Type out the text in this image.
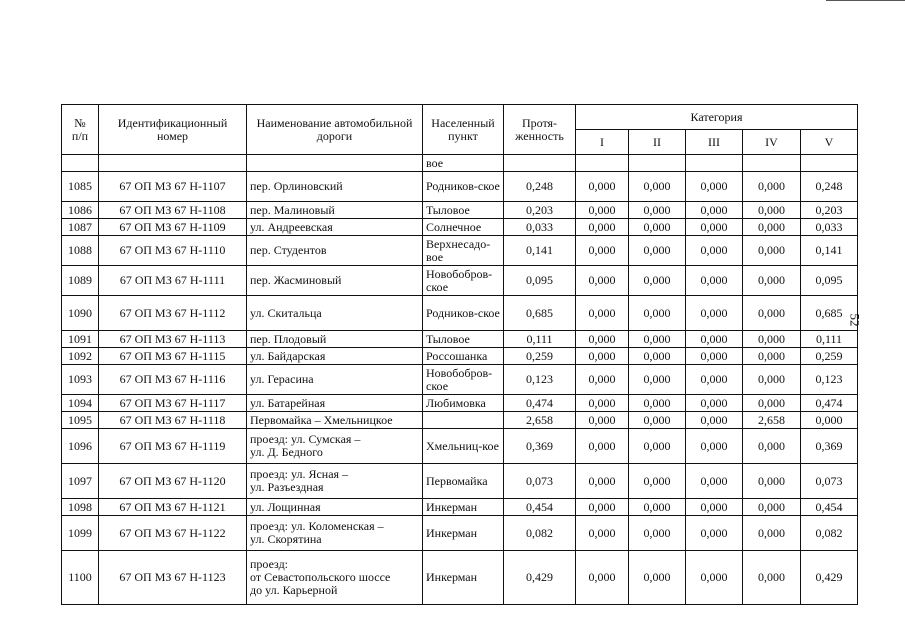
52
№
п/п	Идентификационный номер	Наименование автомобильной дороги	Населенный пункт	Протя-женность	Категория				
					I	II	III	IV	V
			вое						
1085	67 ОП МЗ 67 Н-1107	пер. Орлиновский	Родников-ское	0,248	0,000	0,000	0,000	0,000	0,248
1086	67 ОП МЗ 67 Н-1108	пер. Малиновый	Тыловое	0,203	0,000	0,000	0,000	0,000	0,203
1087	67 ОП МЗ 67 Н-1109	ул. Андреевская	Солнечное	0,033	0,000	0,000	0,000	0,000	0,033
1088	67 ОП МЗ 67 Н-1110	пер. Студентов	Верхнесадо-вое	0,141	0,000	0,000	0,000	0,000	0,141
1089	67 ОП МЗ 67 Н-1111	пер. Жасминовый	Новобобров-ское	0,095	0,000	0,000	0,000	0,000	0,095
1090	67 ОП МЗ 67 Н-1112	ул. Скитальца	Родников-ское	0,685	0,000	0,000	0,000	0,000	0,685
1091	67 ОП МЗ 67 Н-1113	пер. Плодовый	Тыловое	0,111	0,000	0,000	0,000	0,000	0,111
1092	67 ОП МЗ 67 Н-1115	ул. Байдарская	Россошанка	0,259	0,000	0,000	0,000	0,000	0,259
1093	67 ОП МЗ 67 Н-1116	ул. Герасина	Новобобров-ское	0,123	0,000	0,000	0,000	0,000	0,123
1094	67 ОП МЗ 67 Н-1117	ул. Батарейная	Любимовка	0,474	0,000	0,000	0,000	0,000	0,474
1095	67 ОП МЗ 67 Н-1118	Первомайка – Хмельницкое		2,658	0,000	0,000	0,000	2,658	0,000
1096	67 ОП МЗ 67 Н-1119	проезд: ул. Сумская –
ул. Д. Бедного	Хмельниц-кое	0,369	0,000	0,000	0,000	0,000	0,369
1097	67 ОП МЗ 67 Н-1120	проезд: ул. Ясная –
ул. Разъездная	Первомайка	0,073	0,000	0,000	0,000	0,000	0,073
1098	67 ОП МЗ 67 Н-1121	ул. Лощинная	Инкерман	0,454	0,000	0,000	0,000	0,000	0,454
1099	67 ОП МЗ 67 Н-1122	проезд: ул. Коломенская –
ул. Скорятина	Инкерман	0,082	0,000	0,000	0,000	0,000	0,082
1100	67 ОП МЗ 67 Н-1123	проезд:
от Севастопольского шоссе
до ул. Карьерной	Инкерман	0,429	0,000	0,000	0,000	0,000	0,429
